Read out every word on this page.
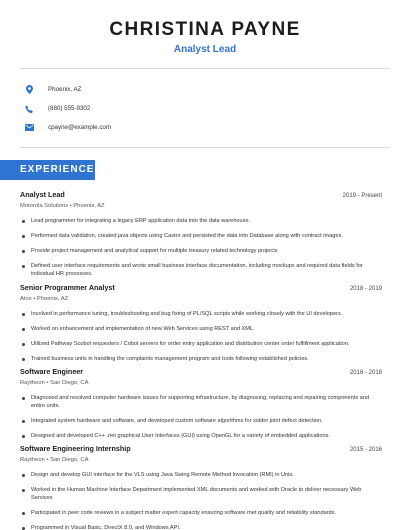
CHRISTINA PAYNE
Analyst Lead
Phoenix, AZ
(880) 555-9302
cpayne@example.com
EXPERIENCE
Analyst Lead	2019 - Present
Motorola Solutions • Phoenix, AZ
Lead programmer for integrating a legacy ERP application data into the data warehouse.
Performed data validation, created java objects using Castor and persisted the data into Database along with contract images.
Provide project management and analytical support for multiple treasury related technology projects
Defined user interface requirements and wrote small business interface documentation, including mockups and required data fields for individual HR processes.
Senior Programmer Analyst	2018 - 2019
Atos • Phoenix, AZ
Involved in performance tuning, troubleshooting and bug fixing of PL/SQL scripts while working closely with the UI developers.
Worked on enhancement and implementation of new Web Services using REST and XML.
Utilized Pathway Scobol requesters / Cobol servers for order entry application and distribution center order fulfillment application.
Trained business units in handling the complaints management program and tools following established policies.
Software Engineer	2016 - 2018
Raytheon • San Diego, CA
Diagnosed and resolved computer hardware issues for supporting infrastructure, by diagnosing, replacing and repairing components and entire units.
Integrated system hardware and software, and developed custom software algorithms for solder joint defect detection.
Designed and developed C++ .net graphical User Interfaces (GUI) using OpenGL for a variety of embedded applications.
Software Engineering Internship	2015 - 2016
Raytheon • San Diego, CA
Design and develop GUI interface for the VLS using Java Swing Remote Method Invocation (RMI) in Unix.
Worked in the Human Machine Interface Department implemented XML documents and worked with Oracle to deliver necessary Web Services
Participated in peer code reviews in a subject matter expert capacity ensuring software met quality and reliability standards.
Programmed in Visual Basic, DirectX 8.0, and Windows API.
